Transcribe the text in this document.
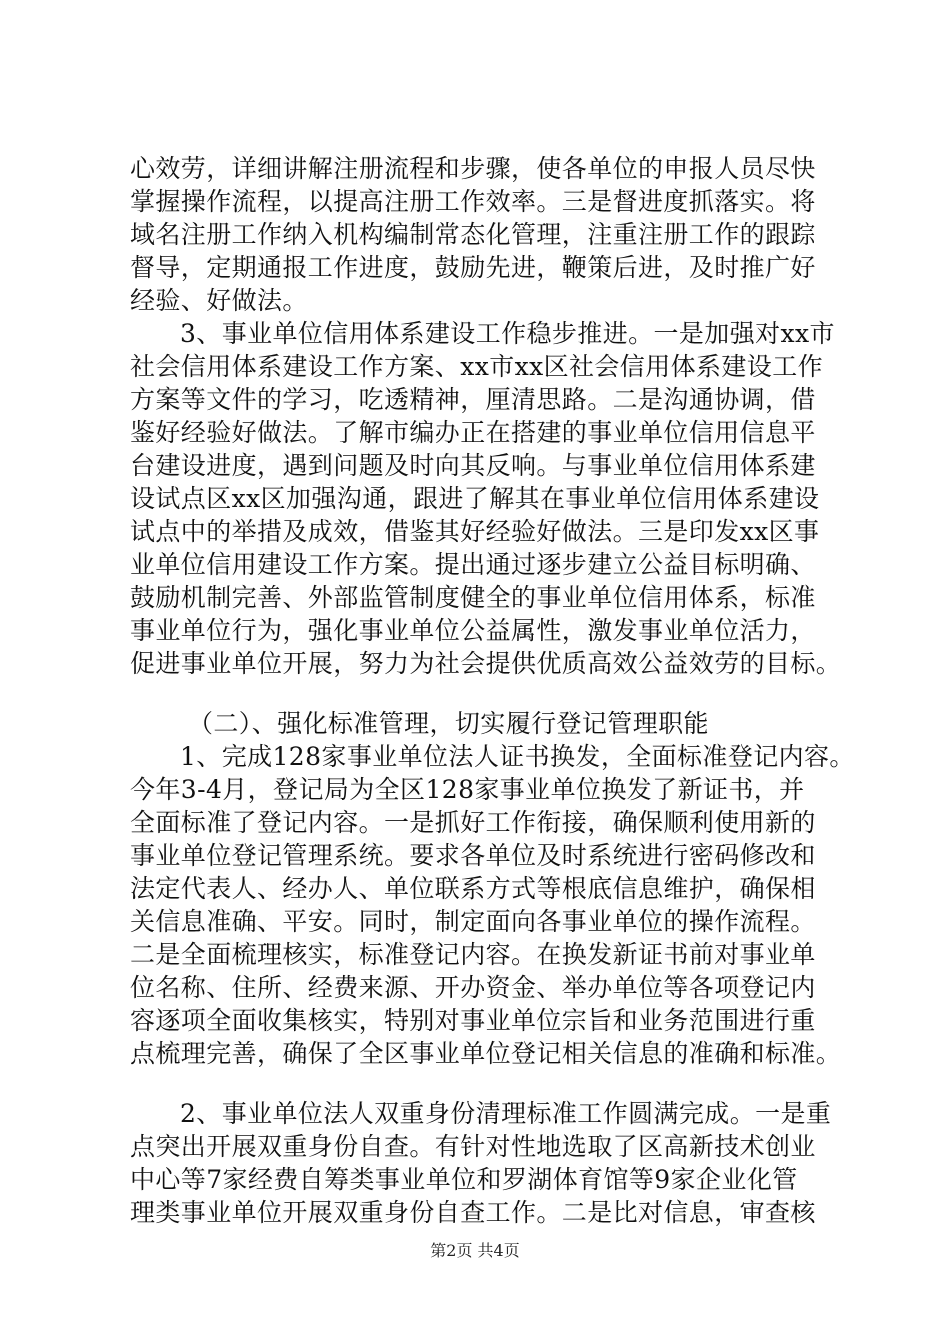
心效劳，详细讲解注册流程和步骤，使各单位的申报人员尽快
掌握操作流程，以提高注册工作效率。三是督进度抓落实。将
域名注册工作纳入机构编制常态化管理，注重注册工作的跟踪
督导，定期通报工作进度，鼓励先进，鞭策后进，及时推广好
经验、好做法。
3、事业单位信用体系建设工作稳步推进。一是加强对xx市
社会信用体系建设工作方案、xx市xx区社会信用体系建设工作
方案等文件的学习，吃透精神，厘清思路。二是沟通协调，借
鉴好经验好做法。了解市编办正在搭建的事业单位信用信息平
台建设进度，遇到问题及时向其反响。与事业单位信用体系建
设试点区xx区加强沟通，跟进了解其在事业单位信用体系建设
试点中的举措及成效，借鉴其好经验好做法。三是印发xx区事
业单位信用建设工作方案。提出通过逐步建立公益目标明确、
鼓励机制完善、外部监管制度健全的事业单位信用体系，标准
事业单位行为，强化事业单位公益属性，激发事业单位活力，
促进事业单位开展，努力为社会提供优质高效公益效劳的目标。
（二）、强化标准管理，切实履行登记管理职能
1、完成128家事业单位法人证书换发，全面标准登记内容。
今年3-4月，登记局为全区128家事业单位换发了新证书，并
全面标准了登记内容。一是抓好工作衔接，确保顺利使用新的
事业单位登记管理系统。要求各单位及时系统进行密码修改和
法定代表人、经办人、单位联系方式等根底信息维护，确保相
关信息准确、平安。同时，制定面向各事业单位的操作流程。
二是全面梳理核实，标准登记内容。在换发新证书前对事业单
位名称、住所、经费来源、开办资金、举办单位等各项登记内
容逐项全面收集核实，特别对事业单位宗旨和业务范围进行重
点梳理完善，确保了全区事业单位登记相关信息的准确和标准。
2、事业单位法人双重身份清理标准工作圆满完成。一是重
点突出开展双重身份自查。有针对性地选取了区高新技术创业
中心等7家经费自筹类事业单位和罗湖体育馆等9家企业化管
理类事业单位开展双重身份自查工作。二是比对信息，审查核
第2页 共4页
